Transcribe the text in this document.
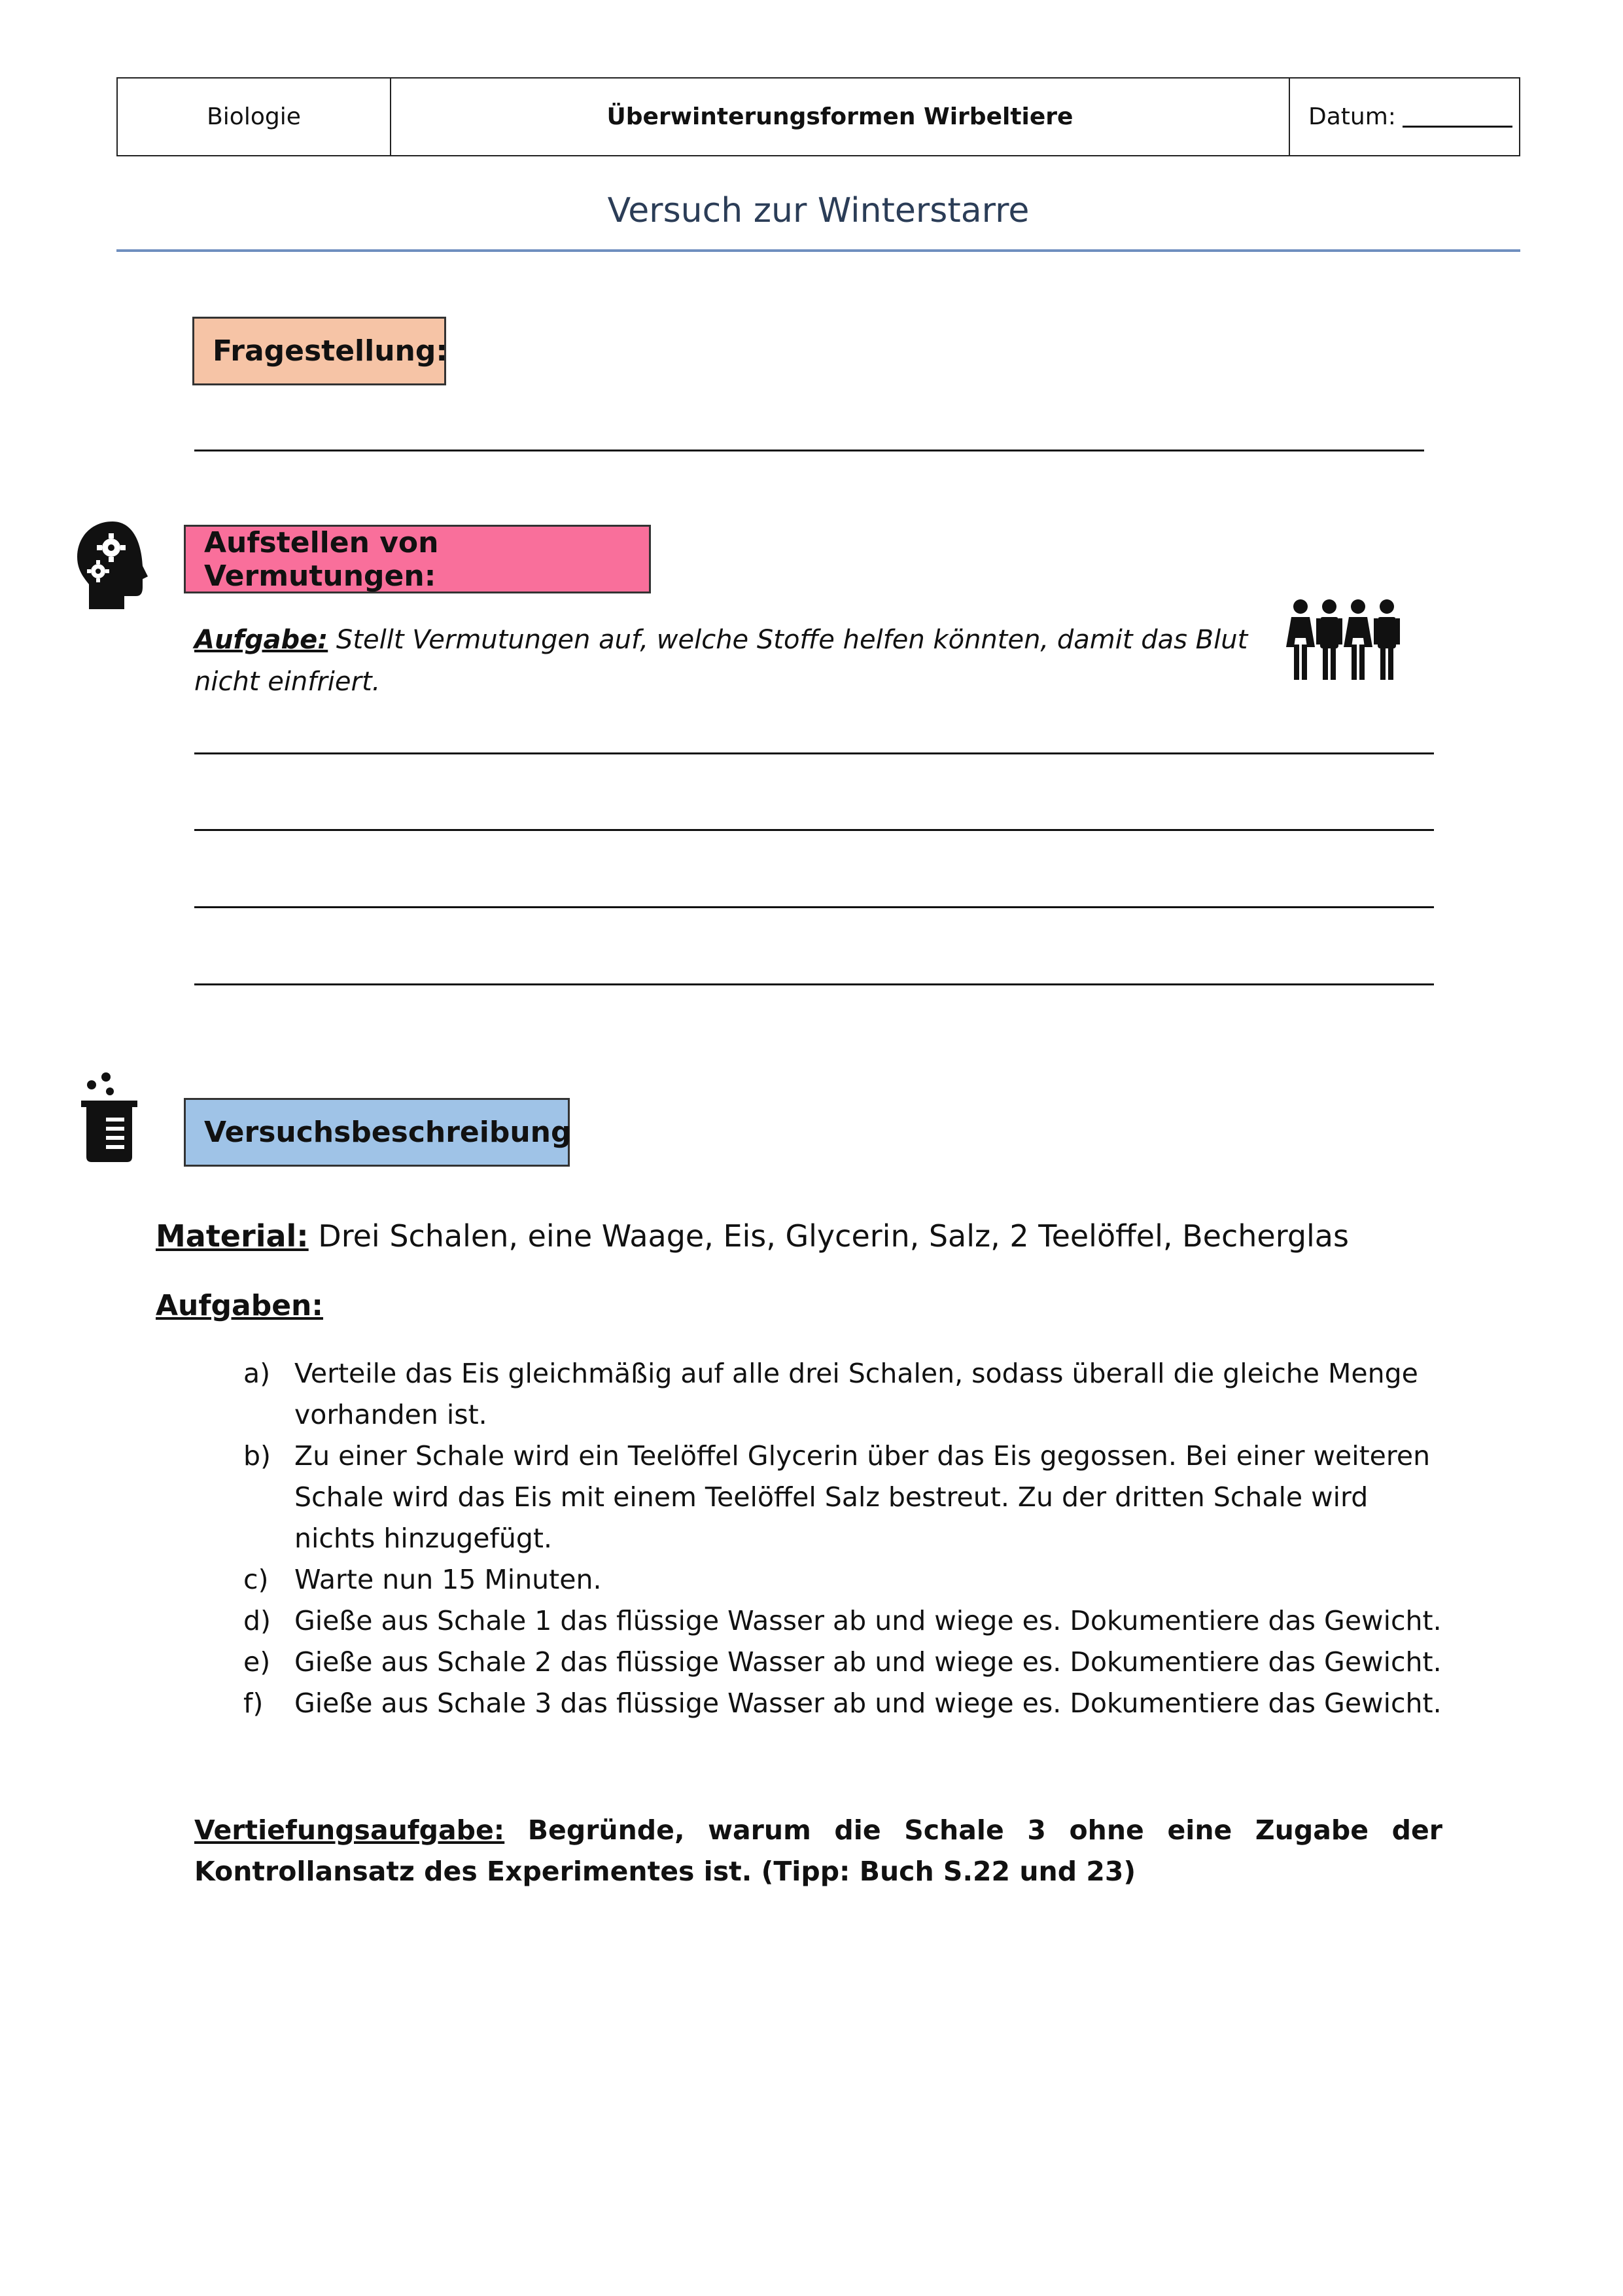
Biologie	Überwinterungsformen Wirbeltiere	Datum:
Versuch zur Winterstarre
Fragestellung:
Aufstellen von Vermutungen:
Aufgabe: Stellt Vermutungen auf, welche Stoffe helfen könnten, damit das Blut nicht einfriert.
Versuchsbeschreibung
Material: Drei Schalen, eine Waage, Eis, Glycerin, Salz, 2 Teelöffel, Becherglas
Aufgaben:
a) Verteile das Eis gleichmäßig auf alle drei Schalen, sodass überall die gleiche Menge vorhanden ist.
b) Zu einer Schale wird ein Teelöffel Glycerin über das Eis gegossen. Bei einer weiteren Schale wird das Eis mit einem Teelöffel Salz bestreut. Zu der dritten Schale wird nichts hinzugefügt.
c) Warte nun 15 Minuten.
d) Gieße aus Schale 1 das flüssige Wasser ab und wiege es. Dokumentiere das Gewicht.
e) Gieße aus Schale 2 das flüssige Wasser ab und wiege es. Dokumentiere das Gewicht.
f)	Gieße aus Schale 3 das flüssige Wasser ab und wiege es. Dokumentiere das Gewicht.
Vertiefungsaufgabe: Begründe, warum die Schale 3 ohne eine Zugabe der Kontrollansatz des Experimentes ist. (Tipp: Buch S.22 und 23)
